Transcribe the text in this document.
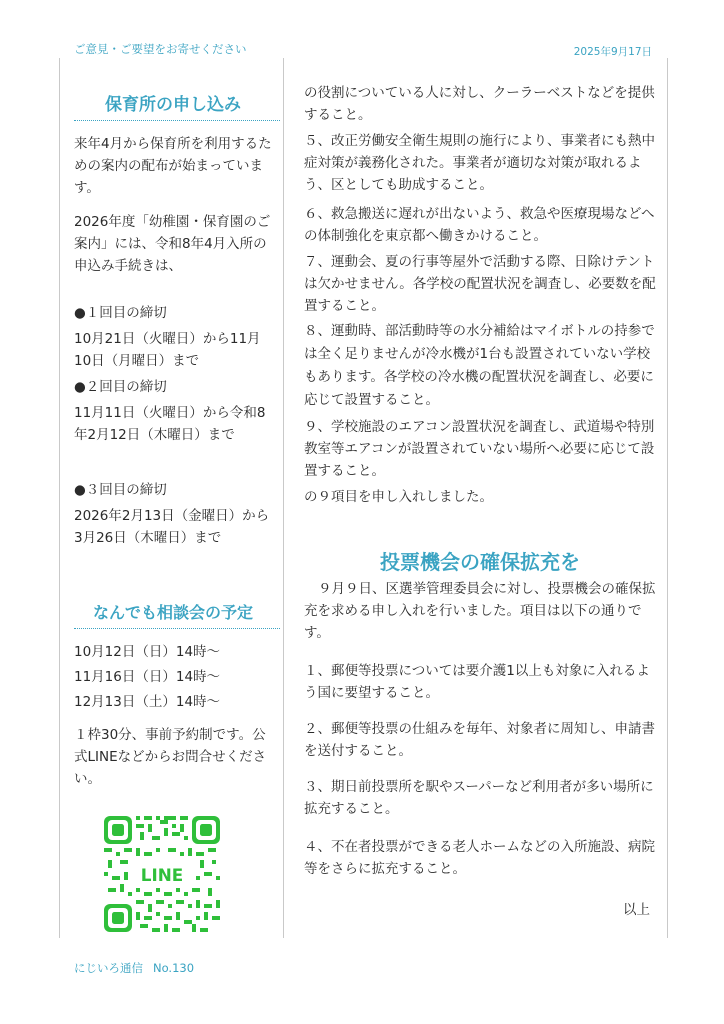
ご意見・ご要望をお寄せください	2025年9月17日
保育所の申し込み

来年4月から保育所を利用するための案内の配布が始まっています。

2026年度「幼稚園・保育園のご案内」には、令和8年4月入所の申込み手続きは、

●１回目の締切

10月21日（火曜日）から11月10日（月曜日）まで

●２回目の締切

11月11日（火曜日）から令和8年2月12日（木曜日）まで

●３回目の締切

2026年2月13日（金曜日）から3月26日（木曜日）まで

なんでも相談会の予定

10月12日（日）14時～

11月16日（日）14時～

12月13日（土）14時～

１枠30分、事前予約制です。公式LINEなどからお問合せください。

LINE

の役割についている人に対し、クーラーベストなどを提供すること。

５、改正労働安全衛生規則の施行により、事業者にも熱中症対策が義務化された。事業者が適切な対策が取れるよう、区としても助成すること。

６、救急搬送に遅れが出ないよう、救急や医療現場などへの体制強化を東京都へ働きかけること。

７、運動会、夏の行事等屋外で活動する際、日除けテントは欠かせません。各学校の配置状況を調査し、必要数を配置すること。

８、運動時、部活動時等の水分補給はマイボトルの持参では全く足りませんが冷水機が1台も設置されていない学校もあります。各学校の冷水機の配置状況を調査し、必要に応じて設置すること。

９、学校施設のエアコン設置状況を調査し、武道場や特別教室等エアコンが設置されていない場所へ必要に応じて設置すること。

の９項目を申し入れしました。

投票機会の確保拡充を

９月９日、区選挙管理委員会に対し、投票機会の確保拡充を求める申し入れを行いました。項目は以下の通りです。

１、郵便等投票については要介護1以上も対象に入れるよう国に要望すること。

２、郵便等投票の仕組みを毎年、対象者に周知し、申請書を送付すること。

３、期日前投票所を駅やスーパーなど利用者が多い場所に拡充すること。

４、不在者投票ができる老人ホームなどの入所施設、病院等をさらに拡充すること。

以上
にじいろ通信 No.130
